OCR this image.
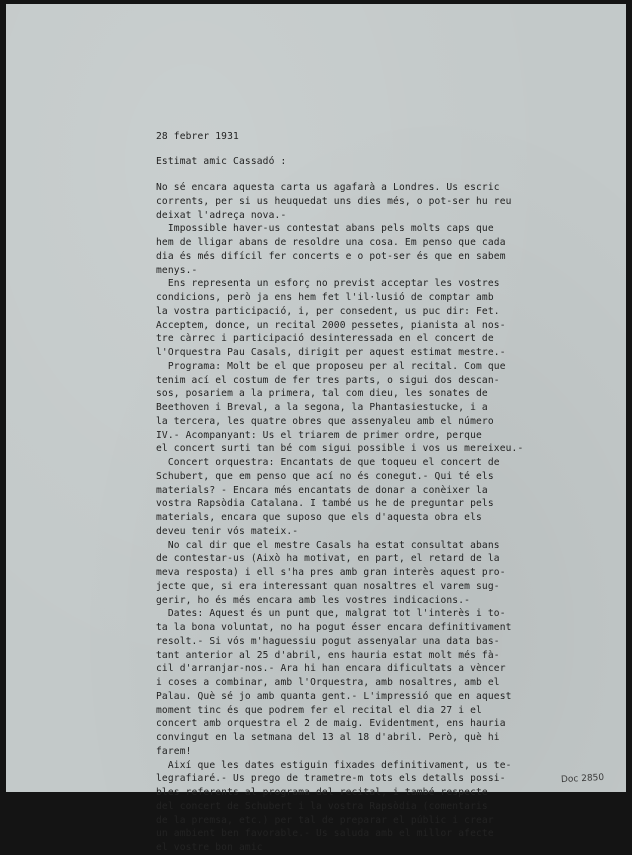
28 febrer 1931
Estimat amic Cassadó :
No sé encara aquesta carta us agafarà a Londres. Us escric
corrents, per si us heuquedat uns dies més, o pot-ser hu reu
deixat l'adreça nova.-
Impossible haver-us contestat abans pels molts caps que
hem de lligar abans de resoldre una cosa. Em penso que cada
dia és més difícil fer concerts e o pot-ser és que en sabem
menys.-
Ens representa un esforç no previst acceptar les vostres
condicions, però ja ens hem fet l'il·lusió de comptar amb
la vostra participació, i, per consedent, us puc dir: Fet.
Acceptem, donce, un recital 2000 pessetes, pianista al nos-
tre càrrec i participació desinteressada en el concert de
l'Orquestra Pau Casals, dirigit per aquest estimat mestre.-
Programa: Molt be el que proposeu per al recital. Com que
tenim ací el costum de fer tres parts, o sigui dos descan-
sos, posariem a la primera, tal com dieu, les sonates de
Beethoven i Breval, a la segona, la Phantasiestucke, i a
la tercera, les quatre obres que assenyaleu amb el número
IV.- Acompanyant: Us el triarem de primer ordre, perque
el concert surti tan bé com sigui possible i vos us mereixeu.-
Concert orquestra: Encantats de que toqueu el concert de
Schubert, que em penso que ací no és conegut.- Qui té els
materials? - Encara més encantats de donar a conèixer la
vostra Rapsòdia Catalana. I també us he de preguntar pels
materials, encara que suposo que els d'aquesta obra els
deveu tenir vós mateix.-
No cal dir que el mestre Casals ha estat consultat abans
de contestar-us (Això ha motivat, en part, el retard de la
meva resposta) i ell s'ha pres amb gran interès aquest pro-
jecte que, si era interessant quan nosaltres el varem sug-
gerir, ho és més encara amb les vostres indicacions.-
Dates: Aquest és un punt que, malgrat tot l'interès i to-
ta la bona voluntat, no ha pogut ésser encara definitivament
resolt.- Si vós m'haguessiu pogut assenyalar una data bas-
tant anterior al 25 d'abril, ens hauria estat molt més fà-
cil d'arranjar-nos.- Ara hi han encara dificultats a vèncer
i coses a combinar, amb l'Orquestra, amb nosaltres, amb el
Palau. Què sé jo amb quanta gent.- L'impressió que en aquest
moment tinc és que podrem fer el recital el dia 27 i el
concert amb orquestra el 2 de maig. Evidentment, ens hauria
convingut en la setmana del 13 al 18 d'abril. Però, què hi
farem!
Així que les dates estiguin fixades definitivament, us te-
legrafiaré.- Us prego de trametre-m tots els detalls possi-
bles referents al programa del recital, i també respecte
del concert de Schubert i la vostra Rapsòdia (comentaris
de la premsa, etc.) per tal de preparar el públic i crear
un ambient ben favorable.- Us saluda amb el millor afecte
el vostre bon amic
Doc 2850
